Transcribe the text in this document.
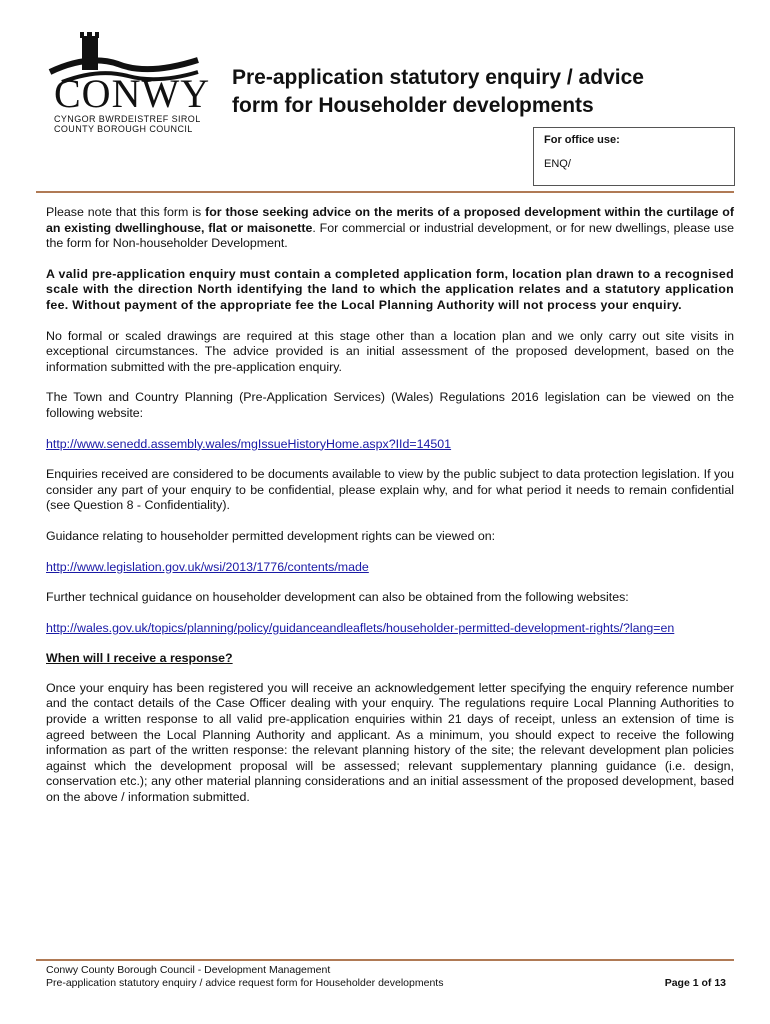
CONWY
CYNGOR BWRDEISTREF SIROL
COUNTY BOROUGH COUNCIL
Pre-application statutory enquiry / advice
form for Householder developments
For office use:
ENQ/

Please note that this form is for those seeking advice on the merits of a proposed development within the curtilage of an existing dwellinghouse, flat or maisonette. For commercial or industrial development, or for new dwellings, please use the form for Non-householder Development.

A valid pre-application enquiry must contain a completed application form, location plan drawn to a recognised scale with the direction North identifying the land to which the application relates and a statutory application fee. Without payment of the appropriate fee the Local Planning Authority will not process your enquiry.

No formal or scaled drawings are required at this stage other than a location plan and we only carry out site visits in exceptional circumstances. The advice provided is an initial assessment of the proposed development, based on the information submitted with the pre-application enquiry.

The Town and Country Planning (Pre-Application Services) (Wales) Regulations 2016 legislation can be viewed on the following website:

http://www.senedd.assembly.wales/mgIssueHistoryHome.aspx?IId=14501

Enquiries received are considered to be documents available to view by the public subject to data protection legislation. If you consider any part of your enquiry to be confidential, please explain why, and for what period it needs to remain confidential (see Question 8 - Confidentiality).

Guidance relating to householder permitted development rights can be viewed on:

http://www.legislation.gov.uk/wsi/2013/1776/contents/made

Further technical guidance on householder development can also be obtained from the following websites:

http://wales.gov.uk/topics/planning/policy/guidanceandleaflets/householder-permitted-development-rights/?lang=en

When will I receive a response?

Once your enquiry has been registered you will receive an acknowledgement letter specifying the enquiry reference number and the contact details of the Case Officer dealing with your enquiry. The regulations require Local Planning Authorities to provide a written response to all valid pre-application enquiries within 21 days of receipt, unless an extension of time is agreed between the Local Planning Authority and applicant. As a minimum, you should expect to receive the following information as part of the written response: the relevant planning history of the site; the relevant development plan policies against which the development proposal will be assessed; relevant supplementary planning guidance (i.e. design, conservation etc.); any other material planning considerations and an initial assessment of the proposed development, based on the above / information submitted.

Conwy County Borough Council - Development Management
Pre-application statutory enquiry / advice request form for Householder developments	Page 1 of 13
